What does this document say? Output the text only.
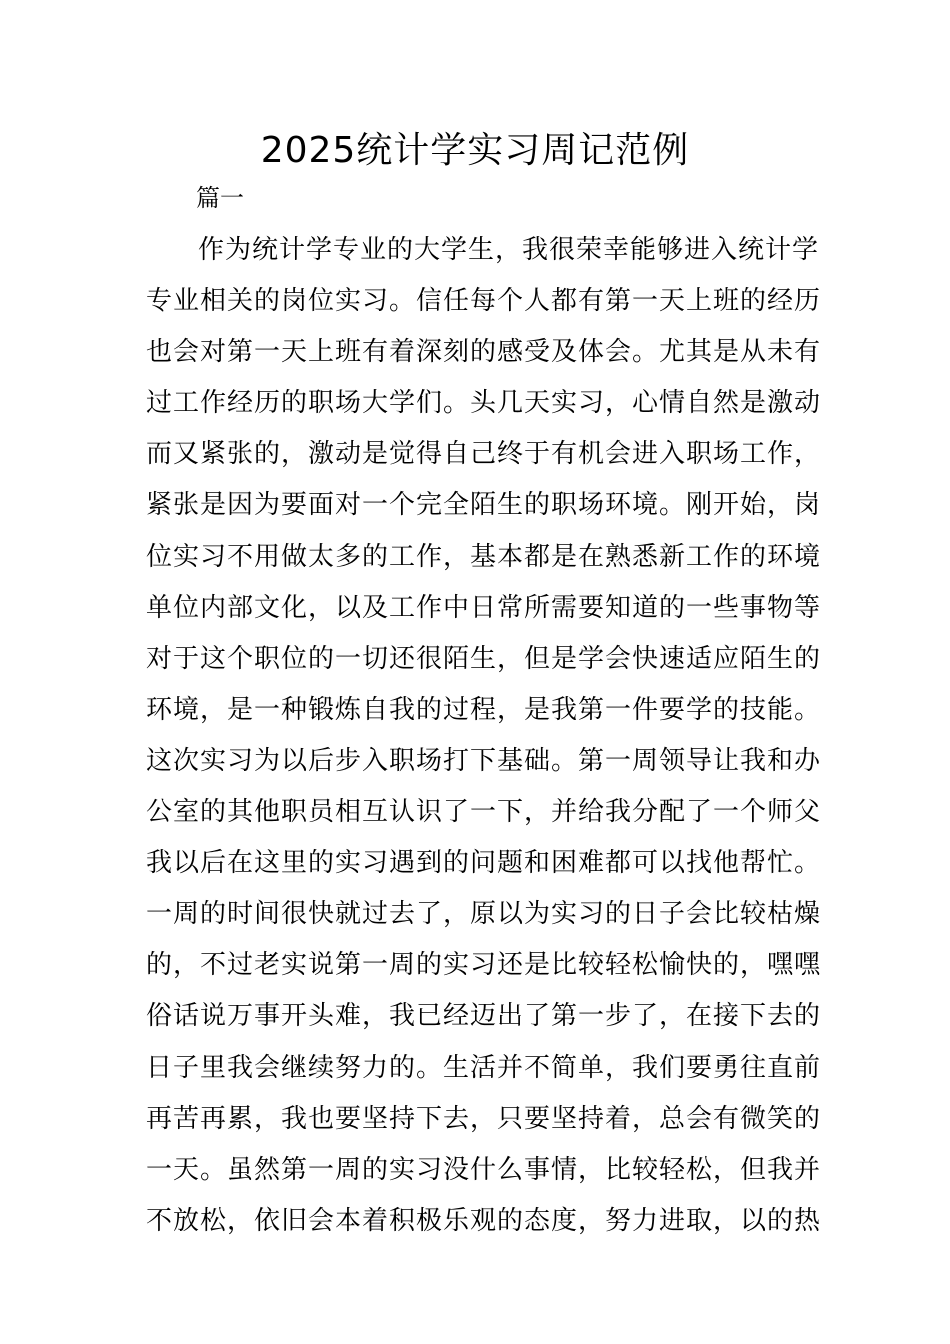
2025统计学实习周记范例
篇一
作为统计学专业的大学生，我很荣幸能够进入统计学
专业相关的岗位实习。信任每个人都有第一天上班的经历
也会对第一天上班有着深刻的感受及体会。尤其是从未有
过工作经历的职场大学们。头几天实习，心情自然是激动
而又紧张的，激动是觉得自己终于有机会进入职场工作，
紧张是因为要面对一个完全陌生的职场环境。刚开始，岗
位实习不用做太多的工作，基本都是在熟悉新工作的环境
单位内部文化，以及工作中日常所需要知道的一些事物等
对于这个职位的一切还很陌生，但是学会快速适应陌生的
环境，是一种锻炼自我的过程，是我第一件要学的技能。
这次实习为以后步入职场打下基础。第一周领导让我和办
公室的其他职员相互认识了一下，并给我分配了一个师父
我以后在这里的实习遇到的问题和困难都可以找他帮忙。
一周的时间很快就过去了，原以为实习的日子会比较枯燥
的，不过老实说第一周的实习还是比较轻松愉快的，嘿嘿
俗话说万事开头难，我已经迈出了第一步了，在接下去的
日子里我会继续努力的。生活并不简单，我们要勇往直前
再苦再累，我也要坚持下去，只要坚持着，总会有微笑的
一天。虽然第一周的实习没什么事情，比较轻松，但我并
不放松，依旧会本着积极乐观的态度，努力进取，以的热
